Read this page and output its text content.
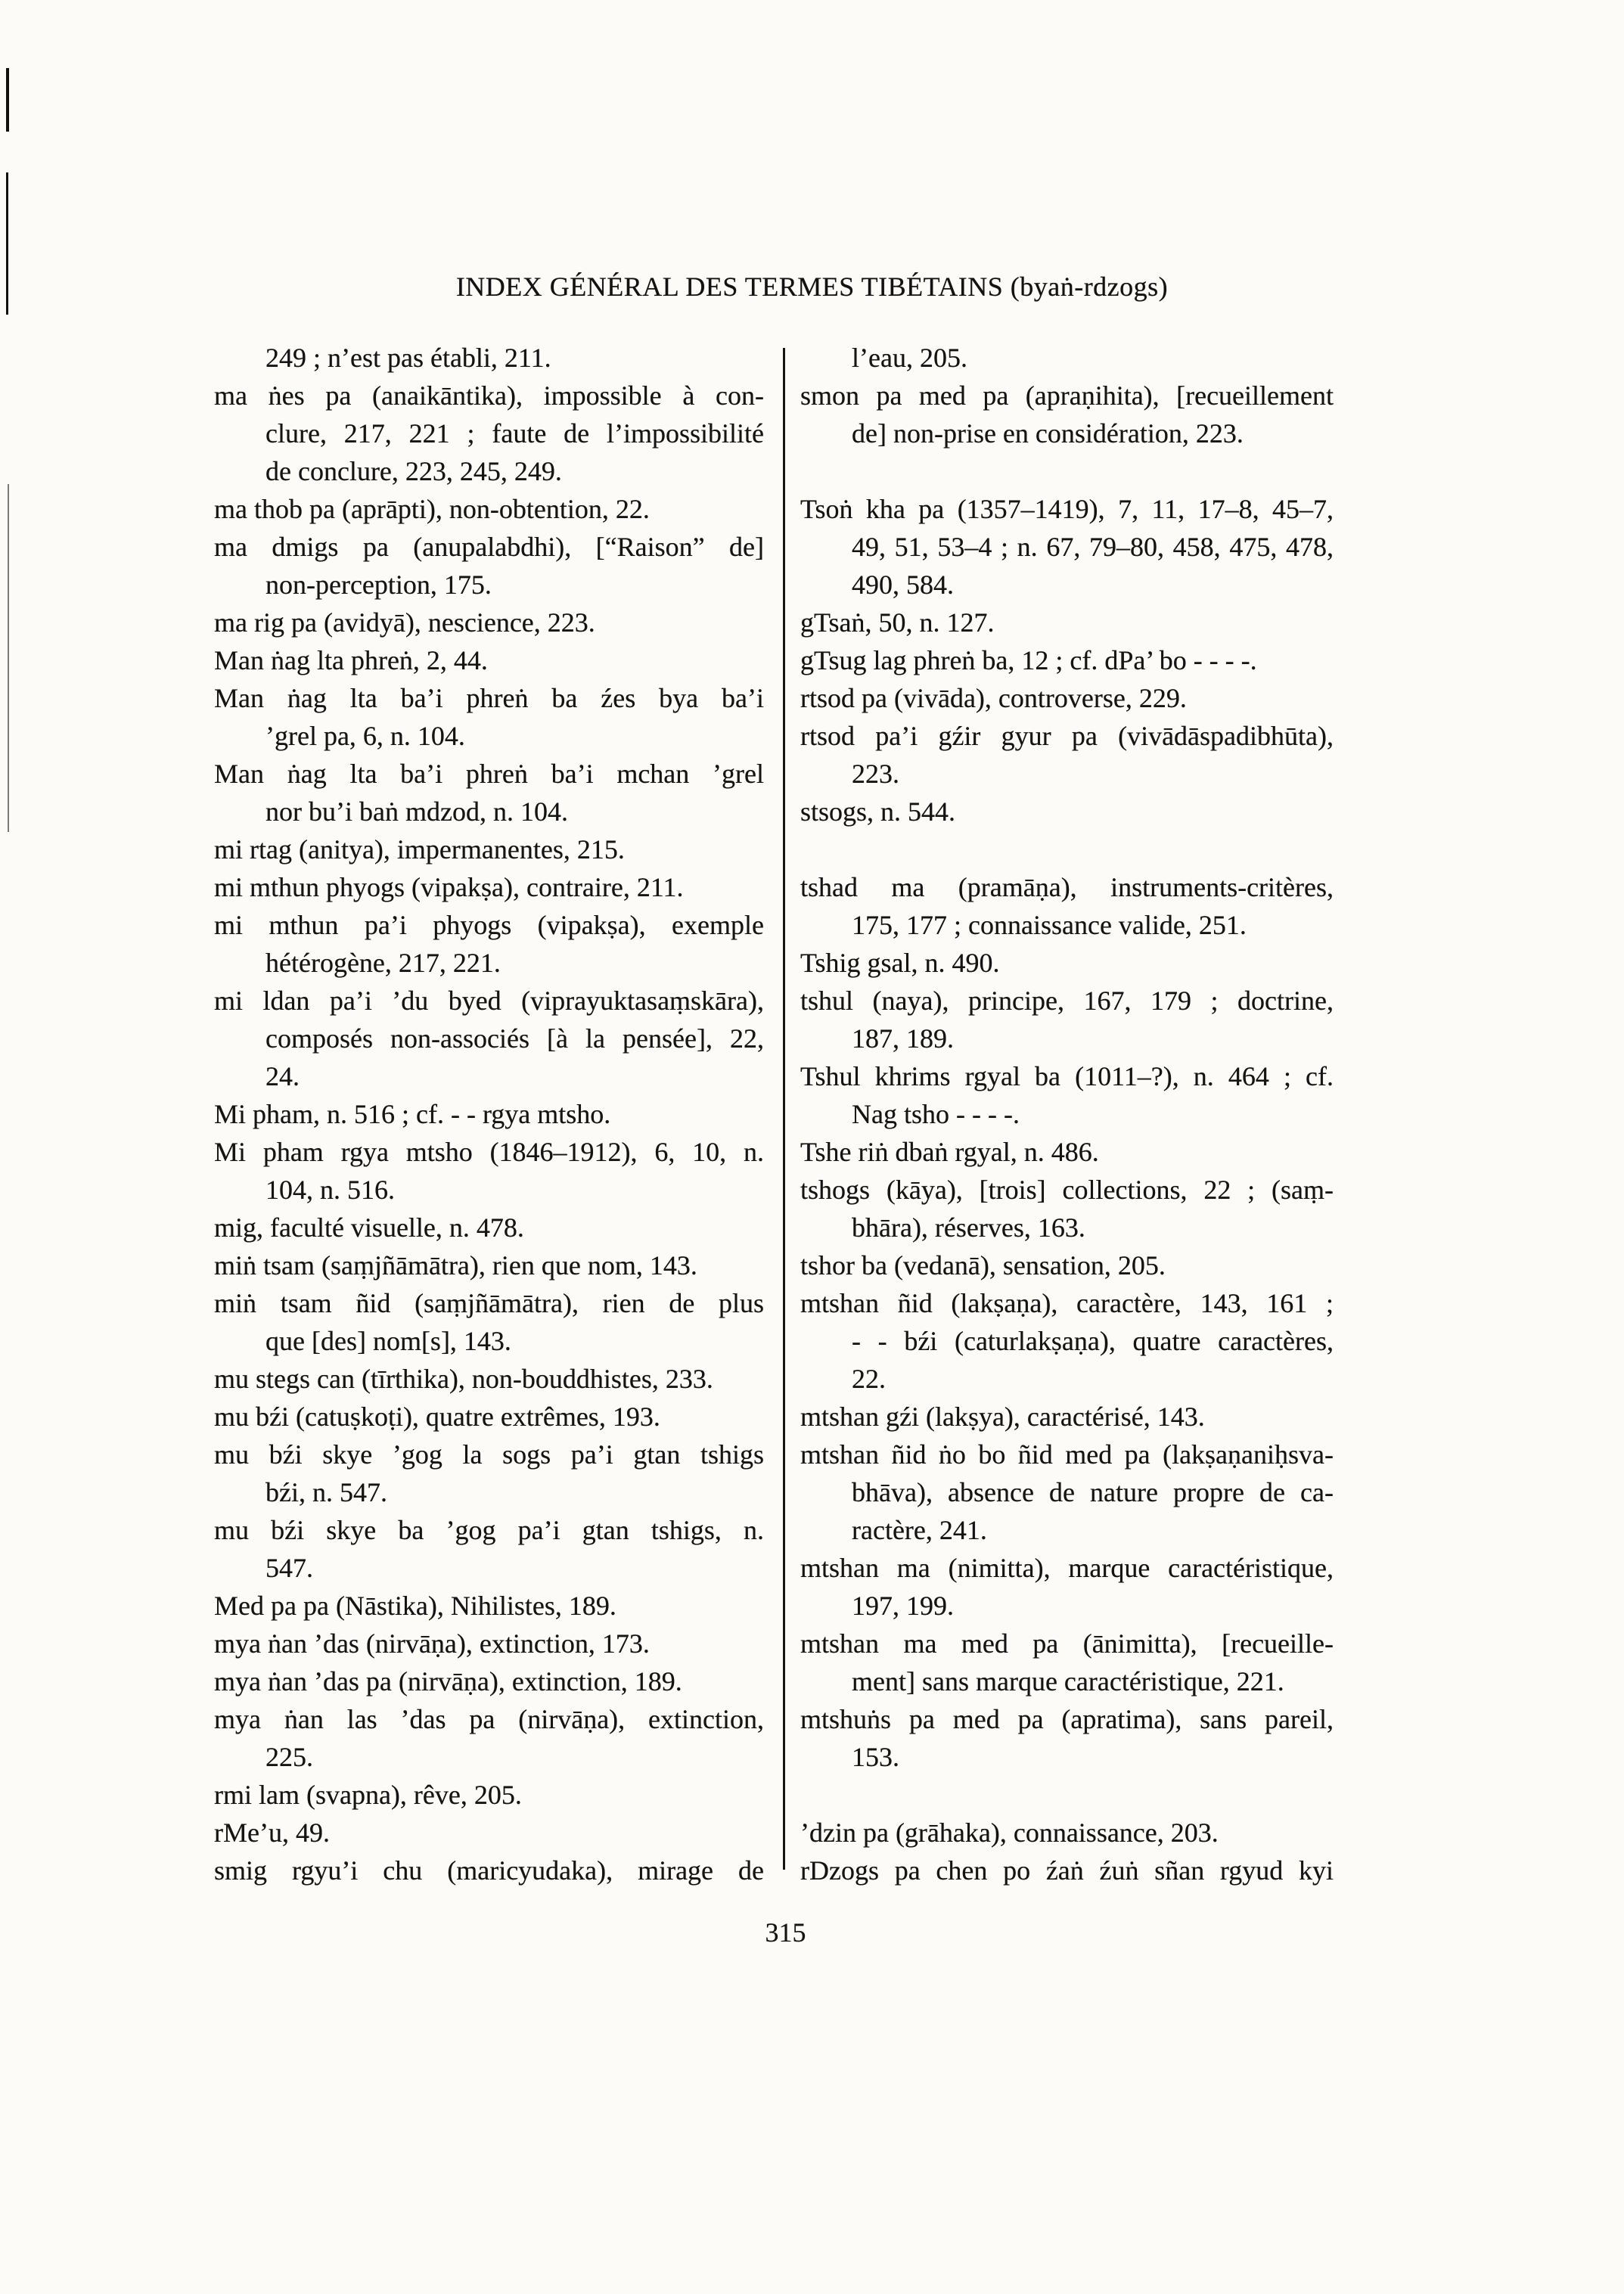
INDEX GÉNÉRAL DES TERMES TIBÉTAINS (byaṅ-rdzogs)
249 ; n’est pas établi, 211.
ma ṅes pa (anaikāntika), impossible à con-
clure, 217, 221 ; faute de l’impossibilité
de conclure, 223, 245, 249.
ma thob pa (aprāpti), non-obtention, 22.
ma dmigs pa (anupalabdhi), [“Raison” de]
non-perception, 175.
ma rig pa (avidyā), nescience, 223.
Man ṅag lta phreṅ, 2, 44.
Man ṅag lta ba’i phreṅ ba źes bya ba’i
’grel pa, 6, n. 104.
Man ṅag lta ba’i phreṅ ba’i mchan ’grel
nor bu’i baṅ mdzod, n. 104.
mi rtag (anitya), impermanentes, 215.
mi mthun phyogs (vipakṣa), contraire, 211.
mi mthun pa’i phyogs (vipakṣa), exemple
hétérogène, 217, 221.
mi ldan pa’i ’du byed (viprayuktasaṃskāra),
composés non-associés [à la pensée], 22,
24.
Mi pham, n. 516 ; cf. - - rgya mtsho.
Mi pham rgya mtsho (1846–1912), 6, 10, n.
104, n. 516.
mig, faculté visuelle, n. 478.
miṅ tsam (saṃjñāmātra), rien que nom, 143.
miṅ tsam ñid (saṃjñāmātra), rien de plus
que [des] nom[s], 143.
mu stegs can (tīrthika), non-bouddhistes, 233.
mu bźi (catuṣkoṭi), quatre extrêmes, 193.
mu bźi skye ’gog la sogs pa’i gtan tshigs
bźi, n. 547.
mu bźi skye ba ’gog pa’i gtan tshigs, n.
547.
Med pa pa (Nāstika), Nihilistes, 189.
mya ṅan ’das (nirvāṇa), extinction, 173.
mya ṅan ’das pa (nirvāṇa), extinction, 189.
mya ṅan las ’das pa (nirvāṇa), extinction,
225.
rmi lam (svapna), rêve, 205.
rMe’u, 49.
smig rgyu’i chu (maricyudaka), mirage de
l’eau, 205.
smon pa med pa (apraṇihita), [recueillement
de] non-prise en considération, 223.

Tsoṅ kha pa (1357–1419), 7, 11, 17–8, 45–7,
49, 51, 53–4 ; n. 67, 79–80, 458, 475, 478,
490, 584.
gTsaṅ, 50, n. 127.
gTsug lag phreṅ ba, 12 ; cf. dPa’ bo - - - -.
rtsod pa (vivāda), controverse, 229.
rtsod pa’i gźir gyur pa (vivādāspadibhūta),
223.
stsogs, n. 544.

tshad ma (pramāṇa), instruments-critères,
175, 177 ; connaissance valide, 251.
Tshig gsal, n. 490.
tshul (naya), principe, 167, 179 ; doctrine,
187, 189.
Tshul khrims rgyal ba (1011–?), n. 464 ; cf.
Nag tsho - - - -.
Tshe riṅ dbaṅ rgyal, n. 486.
tshogs (kāya), [trois] collections, 22 ; (saṃ-
bhāra), réserves, 163.
tshor ba (vedanā), sensation, 205.
mtshan ñid (lakṣaṇa), caractère, 143, 161 ;
- - bźi (caturlakṣaṇa), quatre caractères,
22.
mtshan gźi (lakṣya), caractérisé, 143.
mtshan ñid ṅo bo ñid med pa (lakṣaṇaniḥsva-
bhāva), absence de nature propre de ca-
ractère, 241.
mtshan ma (nimitta), marque caractéristique,
197, 199.
mtshan ma med pa (ānimitta), [recueille-
ment] sans marque caractéristique, 221.
mtshuṅs pa med pa (apratima), sans pareil,
153.

’dzin pa (grāhaka), connaissance, 203.
rDzogs pa chen po źaṅ źuṅ sñan rgyud kyi
315
